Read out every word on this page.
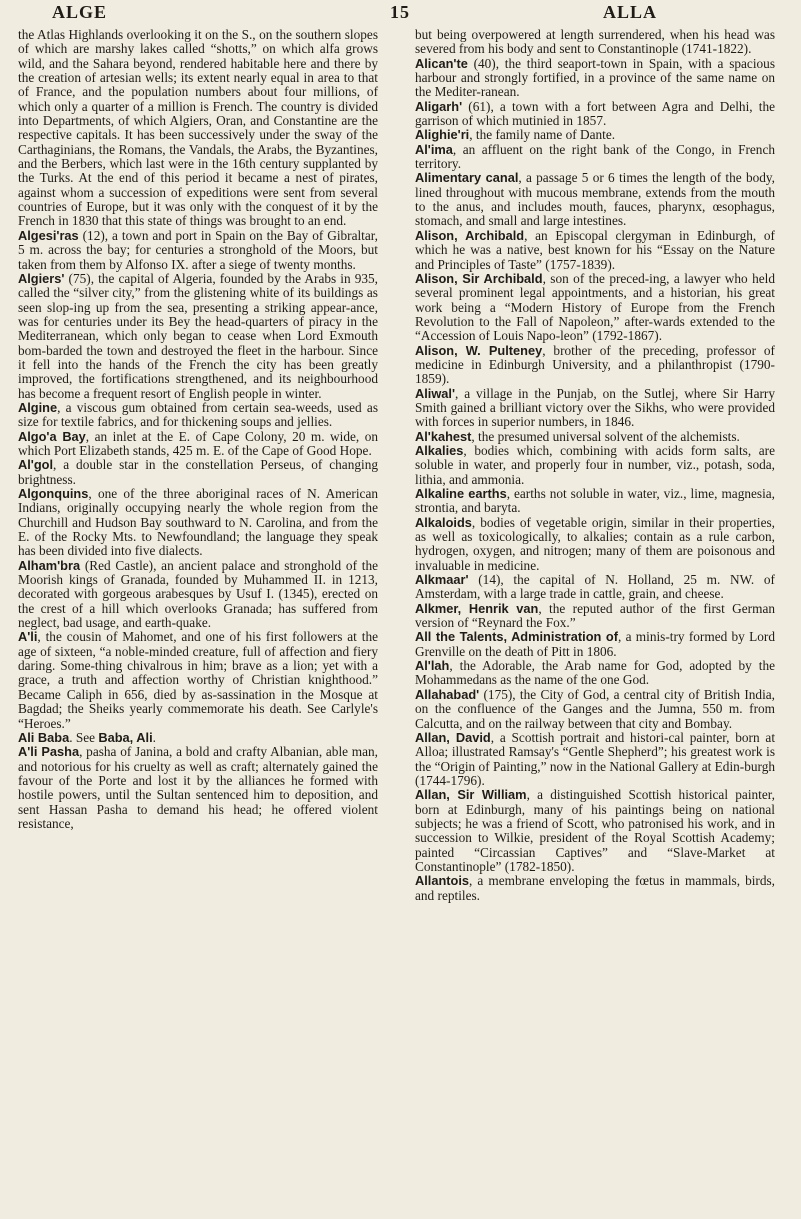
ALGE	15	ALLA

the Atlas Highlands overlooking it on the S., on the southern slopes of which are marshy lakes called “shotts,” on which alfa grows wild, and the Sahara beyond, rendered habitable here and there by the creation of artesian wells; its extent nearly equal in area to that of France, and the population numbers about four millions, of which only a quarter of a million is French. The country is divided into Departments, of which Algiers, Oran, and Constantine are the respective capitals. It has been successively under the sway of the Carthaginians, the Romans, the Vandals, the Arabs, the Byzantines, and the Berbers, which last were in the 16th century supplanted by the Turks. At the end of this period it became a nest of pirates, against whom a succession of expeditions were sent from several countries of Europe, but it was only with the conquest of it by the French in 1830 that this state of things was brought to an end.

Algesi'ras (12), a town and port in Spain on the Bay of Gibraltar, 5 m. across the bay; for centuries a stronghold of the Moors, but taken from them by Alfonso IX. after a siege of twenty months.

Algiers' (75), the capital of Algeria, founded by the Arabs in 935, called the “silver city,” from the glistening white of its buildings as seen slop-ing up from the sea, presenting a striking appear-ance, was for centuries under its Bey the head-quarters of piracy in the Mediterranean, which only began to cease when Lord Exmouth bom-barded the town and destroyed the fleet in the harbour. Since it fell into the hands of the French the city has been greatly improved, the fortifications strengthened, and its neighbourhood has become a frequent resort of English people in winter.

Algine, a viscous gum obtained from certain sea-weeds, used as size for textile fabrics, and for thickening soups and jellies.

Algo'a Bay, an inlet at the E. of Cape Colony, 20 m. wide, on which Port Elizabeth stands, 425 m. E. of the Cape of Good Hope.

Al'gol, a double star in the constellation Perseus, of changing brightness.

Algonquins, one of the three aboriginal races of N. American Indians, originally occupying nearly the whole region from the Churchill and Hudson Bay southward to N. Carolina, and from the E. of the Rocky Mts. to Newfoundland; the language they speak has been divided into five dialects.

Alham'bra (Red Castle), an ancient palace and stronghold of the Moorish kings of Granada, founded by Muhammed II. in 1213, decorated with gorgeous arabesques by Usuf I. (1345), erected on the crest of a hill which overlooks Granada; has suffered from neglect, bad usage, and earth-quake.

A'li, the cousin of Mahomet, and one of his first followers at the age of sixteen, “a noble-minded creature, full of affection and fiery daring. Some-thing chivalrous in him; brave as a lion; yet with a grace, a truth and affection worthy of Christian knighthood.” Became Caliph in 656, died by as-sassination in the Mosque at Bagdad; the Sheiks yearly commemorate his death. See Carlyle's “Heroes.”

Ali Baba. See Baba, Ali.

A'li Pasha, pasha of Janina, a bold and crafty Albanian, able man, and notorious for his cruelty as well as craft; alternately gained the favour of the Porte and lost it by the alliances he formed with hostile powers, until the Sultan sentenced him to deposition, and sent Hassan Pasha to demand his head; he offered violent resistance,

but being overpowered at length surrendered, when his head was severed from his body and sent to Constantinople (1741-1822).

Alican'te (40), the third seaport-town in Spain, with a spacious harbour and strongly fortified, in a province of the same name on the Mediter-ranean.

Aligarh' (61), a town with a fort between Agra and Delhi, the garrison of which mutinied in 1857.

Alighie'ri, the family name of Dante.

Al'ima, an affluent on the right bank of the Congo, in French territory.

Alimentary canal, a passage 5 or 6 times the length of the body, lined throughout with mucous membrane, extends from the mouth to the anus, and includes mouth, fauces, pharynx, œsophagus, stomach, and small and large intestines.

Alison, Archibald, an Episcopal clergyman in Edinburgh, of which he was a native, best known for his “Essay on the Nature and Principles of Taste” (1757-1839).

Alison, Sir Archibald, son of the preced-ing, a lawyer who held several prominent legal appointments, and a historian, his great work being a “Modern History of Europe from the French Revolution to the Fall of Napoleon,” after-wards extended to the “Accession of Louis Napo-leon” (1792-1867).

Alison, W. Pulteney, brother of the preceding, professor of medicine in Edinburgh University, and a philanthropist (1790-1859).

Aliwal', a village in the Punjab, on the Sutlej, where Sir Harry Smith gained a brilliant victory over the Sikhs, who were provided with forces in superior numbers, in 1846.

Al'kahest, the presumed universal solvent of the alchemists.

Alkalies, bodies which, combining with acids form salts, are soluble in water, and properly four in number, viz., potash, soda, lithia, and ammonia.

Alkaline earths, earths not soluble in water, viz., lime, magnesia, strontia, and baryta.

Alkaloids, bodies of vegetable origin, similar in their properties, as well as toxicologically, to alkalies; contain as a rule carbon, hydrogen, oxygen, and nitrogen; many of them are poisonous and invaluable in medicine.

Alkmaar' (14), the capital of N. Holland, 25 m. NW. of Amsterdam, with a large trade in cattle, grain, and cheese.

Alkmer, Henrik van, the reputed author of the first German version of “Reynard the Fox.”

All the Talents, Administration of, a minis-try formed by Lord Grenville on the death of Pitt in 1806.

Al'lah, the Adorable, the Arab name for God, adopted by the Mohammedans as the name of the one God.

Allahabad' (175), the City of God, a central city of British India, on the confluence of the Ganges and the Jumna, 550 m. from Calcutta, and on the railway between that city and Bombay.

Allan, David, a Scottish portrait and histori-cal painter, born at Alloa; illustrated Ramsay's “Gentle Shepherd”; his greatest work is the “Origin of Painting,” now in the National Gallery at Edin-burgh (1744-1796).

Allan, Sir William, a distinguished Scottish historical painter, born at Edinburgh, many of his paintings being on national subjects; he was a friend of Scott, who patronised his work, and in succession to Wilkie, president of the Royal Scottish Academy; painted “Circassian Captives” and “Slave-Market at Constantinople” (1782-1850).

Allantois, a membrane enveloping the fœtus in mammals, birds, and reptiles.
